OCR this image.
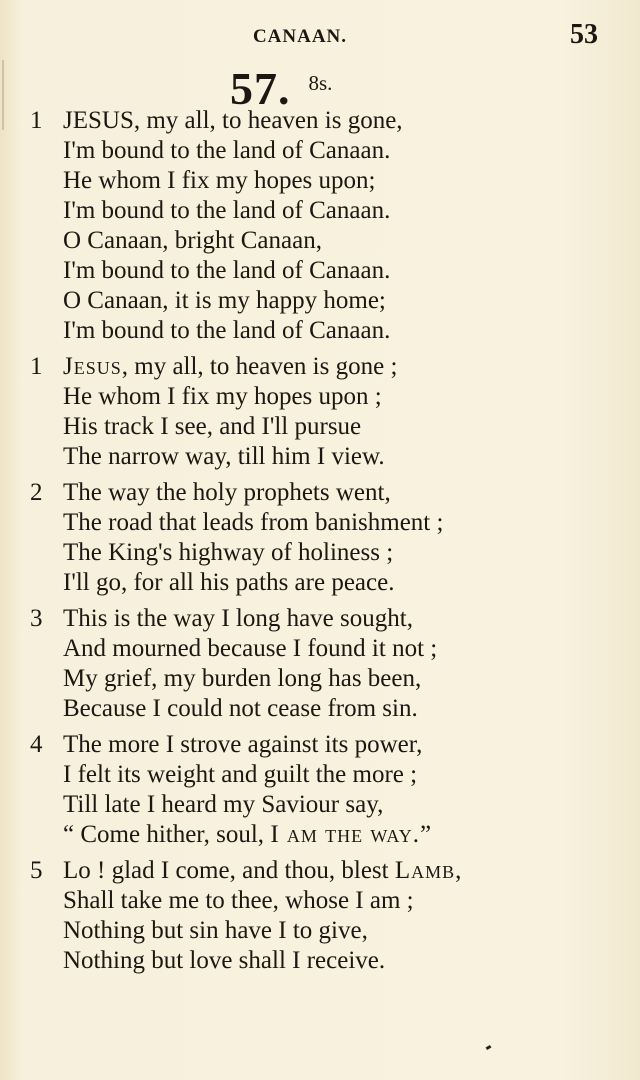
CANAAN.	53
57. 8s.
1 JESUS, my all, to heaven is gone,
I'm bound to the land of Canaan.
He whom I fix my hopes upon;
I'm bound to the land of Canaan.
O Canaan, bright Canaan,
I'm bound to the land of Canaan.
O Canaan, it is my happy home;
I'm bound to the land of Canaan.
1 Jesus, my all, to heaven is gone ;
He whom I fix my hopes upon ;
His track I see, and I'll pursue
The narrow way, till him I view.
2 The way the holy prophets went,
The road that leads from banishment ;
The King's highway of holiness ;
I'll go, for all his paths are peace.
3 This is the way I long have sought,
And mourned because I found it not ;
My grief, my burden long has been,
Because I could not cease from sin.
4 The more I strove against its power,
I felt its weight and guilt the more ;
Till late I heard my Saviour say,
“ Come hither, soul, I am the way.”
5 Lo ! glad I come, and thou, blest Lamb,
Shall take me to thee, whose I am ;
Nothing but sin have I to give,
Nothing but love shall I receive.
